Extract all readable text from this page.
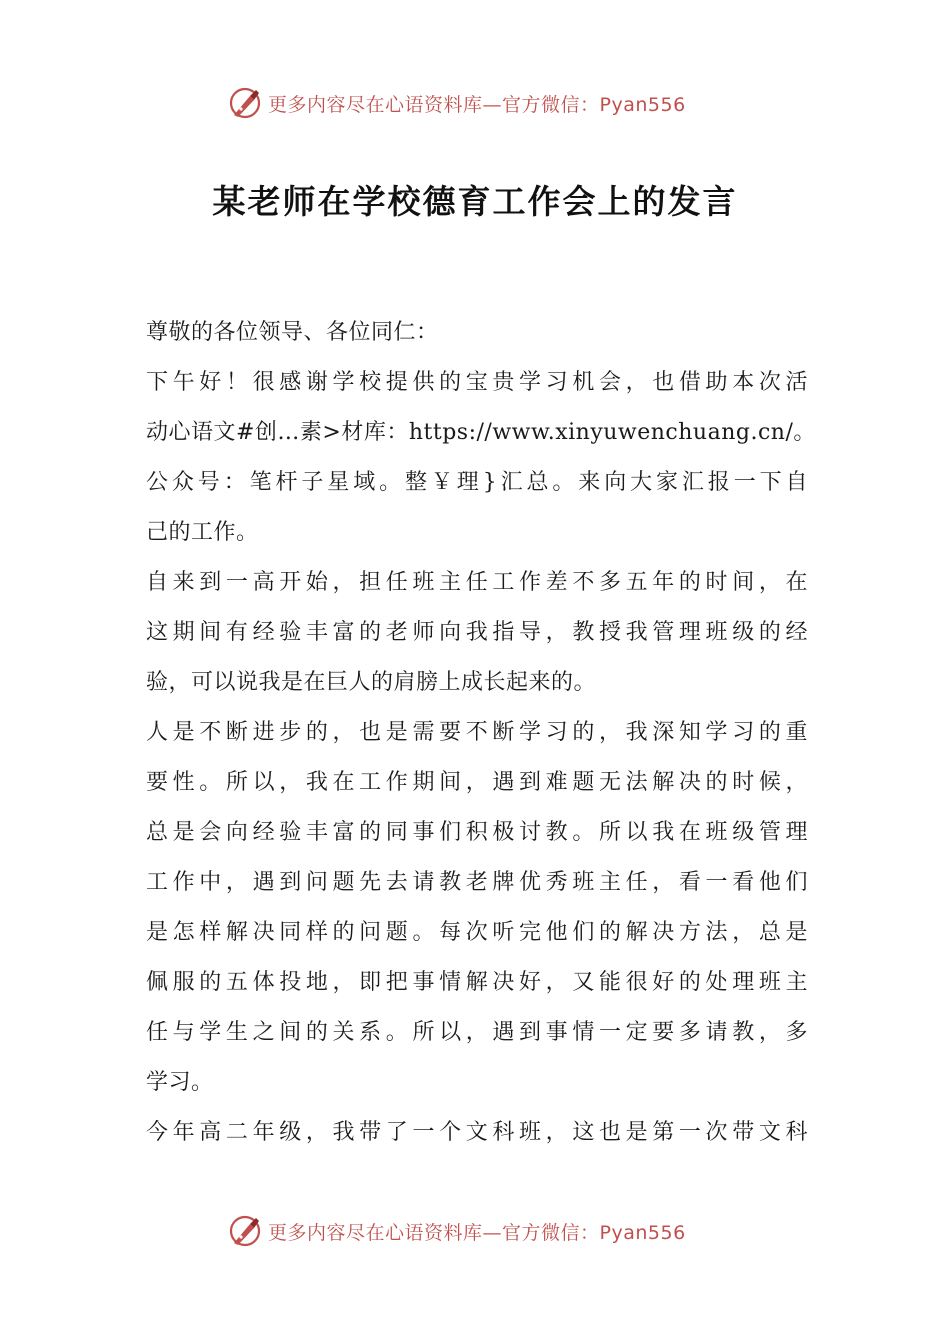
更多内容尽在心语资料库—官方微信：Pyan556
某老师在学校德育工作会上的发言
尊敬的各位领导、各位同仁：
下午好！很感谢学校提供的宝贵学习机会，也借助本次活
动心语文#创…素>材库：https://www.xinyuwenchuang.cn/。
公众号：笔杆子星域。整￥理}汇总。来向大家汇报一下自
己的工作。
自来到一高开始，担任班主任工作差不多五年的时间，在
这期间有经验丰富的老师向我指导，教授我管理班级的经
验，可以说我是在巨人的肩膀上成长起来的。
人是不断进步的，也是需要不断学习的，我深知学习的重
要性。所以，我在工作期间，遇到难题无法解决的时候，
总是会向经验丰富的同事们积极讨教。所以我在班级管理
工作中，遇到问题先去请教老牌优秀班主任，看一看他们
是怎样解决同样的问题。每次听完他们的解决方法，总是
佩服的五体投地，即把事情解决好，又能很好的处理班主
任与学生之间的关系。所以，遇到事情一定要多请教，多
学习。
今年高二年级，我带了一个文科班，这也是第一次带文科
更多内容尽在心语资料库—官方微信：Pyan556
